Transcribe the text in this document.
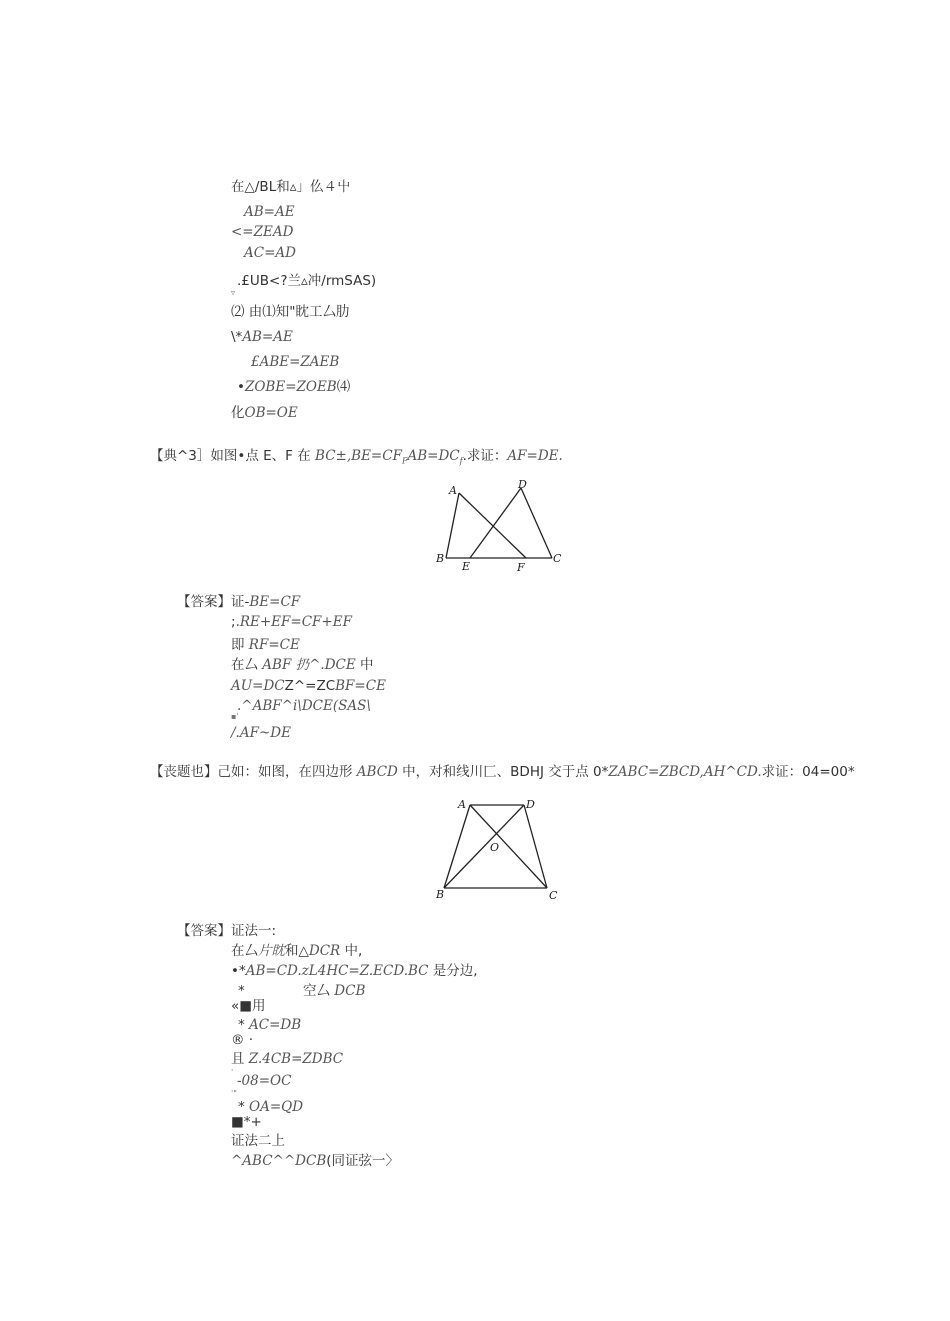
在△/BL和▵」仫４屮
AB=AE
<=ZEAD
AC=AD
▿
.£UB<?兰▵冲/rmSAS)
⑵ 由⑴知"眈工厶肋
\*AB=AE
£ABE=ZAEB
•ZOBE=ZOEB⑷
化OB=OE
【典^3］如图•点 E、F 在 $BC\pm,BE=CF_FAB=DC_f$.求证：AF=DE.
A	D
B	C
E	F
【答案】证-BE=CF
;.RE+EF=CF+EF
即 RF=CE
在厶 ABF 扔^.DCE 中
AU=DCZ^=ZCBF=CE
.^ABF^i\DCE(SAS\
▪ˈ
/.AF~DE
【丧题也】己如：如图，在四边形 ABCD 中，对和线川匚、BDHJ 交于点 0*ZABC=ZBCD,AH^CD.求证：04=00*
A	D
O
B	C
【答案】证法一:
在厶片眈和△DCR 中,
•*AB=CD.zL4HC=Z.ECD.BC 是分边,
*	空厶 DCB
«■用
* AC=DB
® ·
且 Z.4CB=ZDBC
ˈ
-08=OC
ˈ"
* OA=QD
■*+
证法二上
^ABC^^DCB(同证弦一〉
